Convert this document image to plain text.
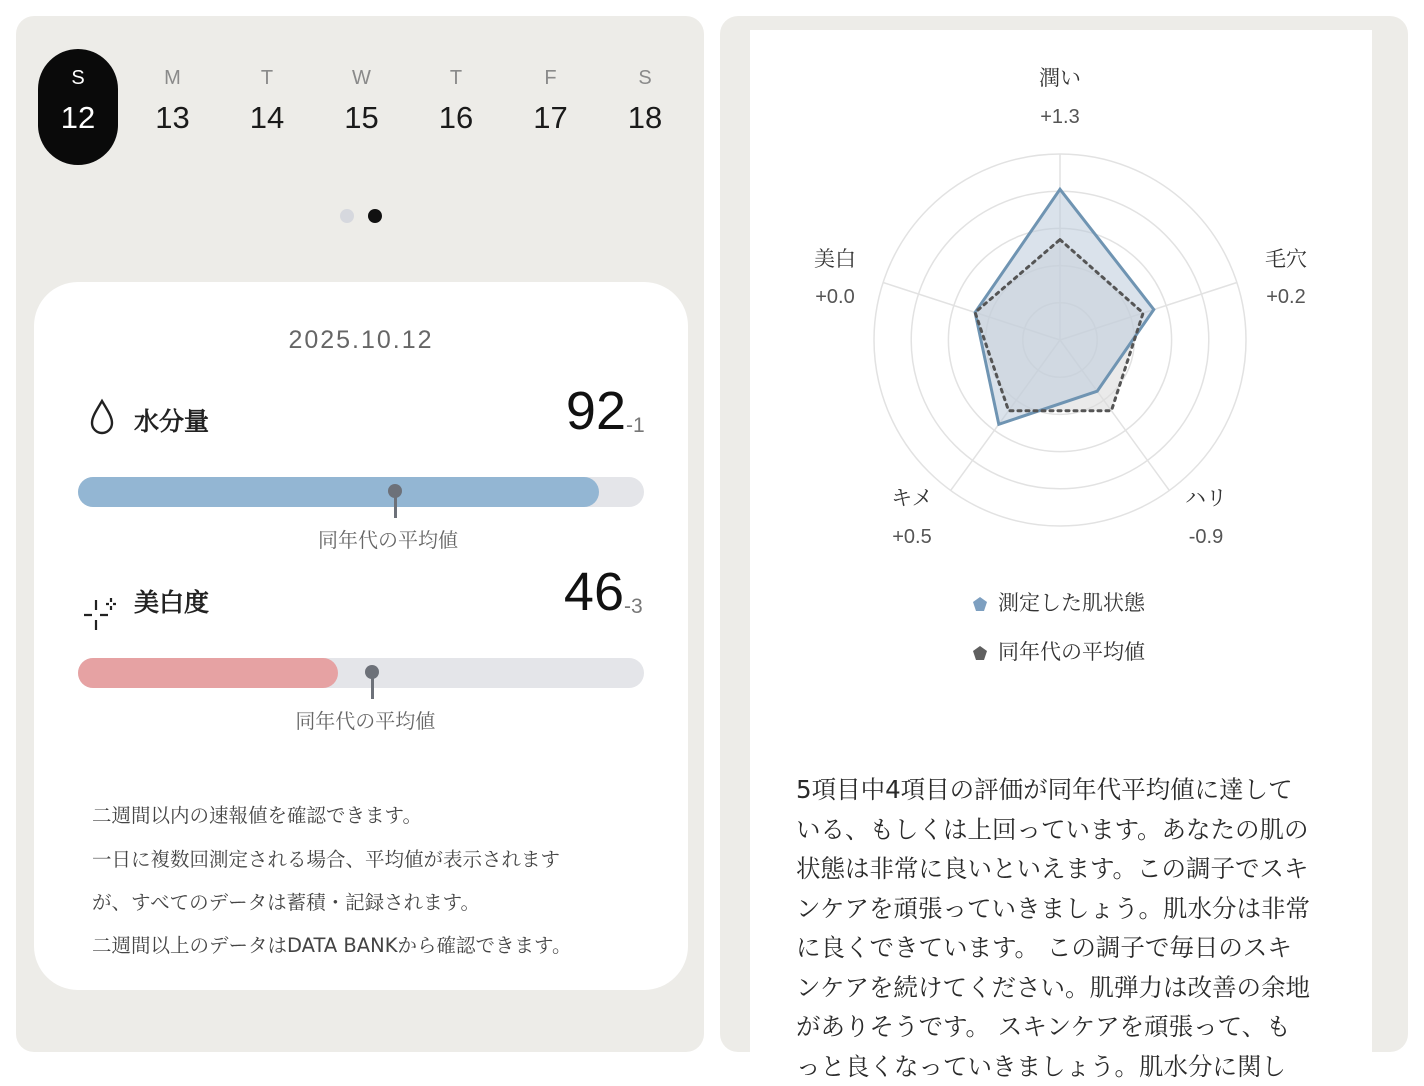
S
12
M
13
T
14
W
15
T
16
F
17
S
18
2025.10.12
水分量	92 -1
同年代の平均値
美白度	46 -3
同年代の平均値
二週間以内の速報値を確認できます。
一日に複数回測定される場合、平均値が表示されます
が、すべてのデータは蓄積・記録されます。
二週間以上のデータはDATA BANKから確認できます。
潤い
+1.3
毛穴
+0.2
ハリ
-0.9
キメ
+0.5
美白
+0.0
測定した肌状態
同年代の平均値
5項目中4項目の評価が同年代平均値に達して
いる、もしくは上回っています。あなたの肌の
状態は非常に良いといえます。この調子でスキ
ンケアを頑張っていきましょう。肌水分は非常
に良くできています。 この調子で毎日のスキ
ンケアを続けてください。肌弾力は改善の余地
がありそうです。 スキンケアを頑張って、も
っと良くなっていきましょう。肌水分に関し
